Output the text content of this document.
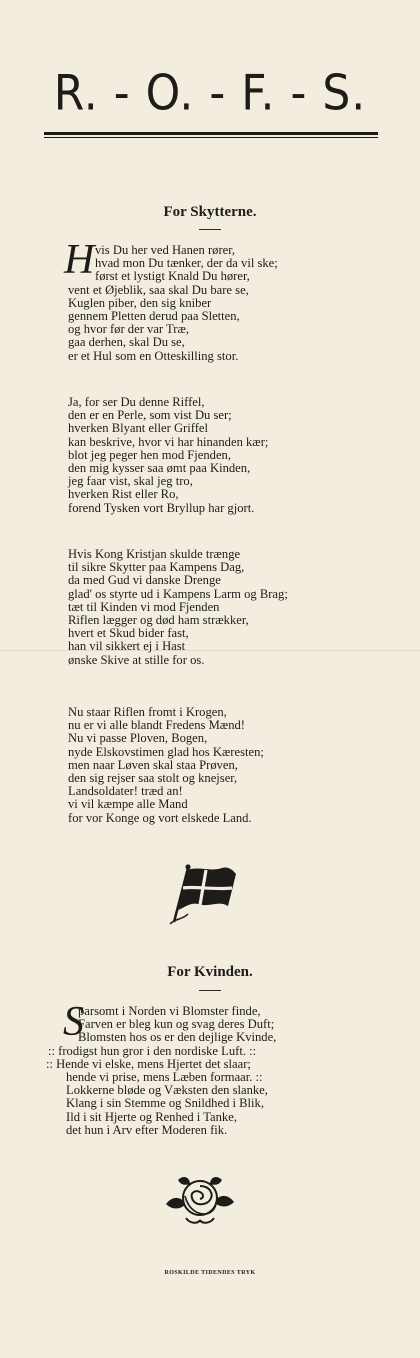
R. - O. - F. - S.
For Skytterne.
H vis Du her ved Hanen rører,
hvad mon Du tænker, der da vil ske;
først et lystigt Knald Du hører,
vent et Øjeblik, saa skal Du bare se,
Kuglen piber, den sig kniber
gennem Pletten derud paa Sletten,
og hvor før der var Træ,
gaa derhen, skal Du se,
er et Hul som en Otteskilling stor.
Ja, for ser Du denne Riffel,
den er en Perle, som vist Du ser;
hverken Blyant eller Griffel
kan beskrive, hvor vi har hinanden kær;
blot jeg peger hen mod Fjenden,
den mig kysser saa ømt paa Kinden,
jeg faar vist, skal jeg tro,
hverken Rist eller Ro,
forend Tysken vort Bryllup har gjort.
Hvis Kong Kristjan skulde trænge
til sikre Skytter paa Kampens Dag,
da med Gud vi danske Drenge
glad' os styrte ud i Kampens Larm og Brag;
tæt til Kinden vi mod Fjenden
Riflen lægger og død ham strækker,
hvert et Skud bider fast,
han vil sikkert ej i Hast
ønske Skive at stille for os.
Nu staar Riflen fromt i Krogen,
nu er vi alle blandt Fredens Mænd!
Nu vi passe Ploven, Bogen,
nyde Elskovstimen glad hos Kæresten;
men naar Løven skal staa Prøven,
den sig rejser saa stolt og knejser,
Landsoldater! træd an!
vi vil kæmpe alle Mand
for vor Konge og vort elskede Land.
For Kvinden.
S
parsomt i Norden vi Blomster finde,
Farven er bleg kun og svag deres Duft;
Blomsten hos os er den dejlige Kvinde,
:: frodigst hun gror i den nordiske Luft. ::
:: Hende vi elske, mens Hjertet det slaar;
hende vi prise, mens Læben formaar. ::
Lokkerne bløde og Væksten den slanke,
Klang i sin Stemme og Snildhed i Blik,
Ild i sit Hjerte og Renhed i Tanke,
det hun i Arv efter Moderen fik.
ROSKILDE TIDENDES TRYK
